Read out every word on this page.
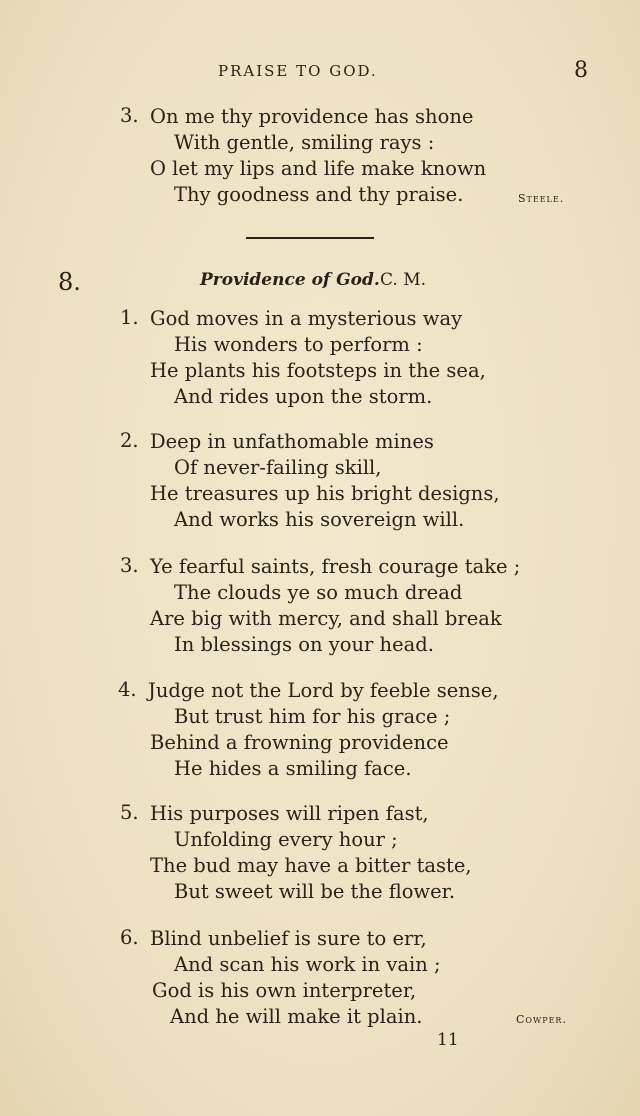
PRAISE TO GOD.	8
3. On me thy providence has shone
With gentle, smiling rays :
O let my lips and life make known
Thy goodness and thy praise.	Steele.
8.	Providence of God. C. M.
1. God moves in a mysterious way
His wonders to perform :
He plants his footsteps in the sea,
And rides upon the storm.
2. Deep in unfathomable mines
Of never-failing skill,
He treasures up his bright designs,
And works his sovereign will.
3. Ye fearful saints, fresh courage take ;
The clouds ye so much dread
Are big with mercy, and shall break
In blessings on your head.
4. Judge not the Lord by feeble sense,
But trust him for his grace ;
Behind a frowning providence
He hides a smiling face.
5. His purposes will ripen fast,
Unfolding every hour ;
The bud may have a bitter taste,
But sweet will be the flower.
6. Blind unbelief is sure to err,
And scan his work in vain ;
God is his own interpreter,
And he will make it plain.	Cowper.
11
